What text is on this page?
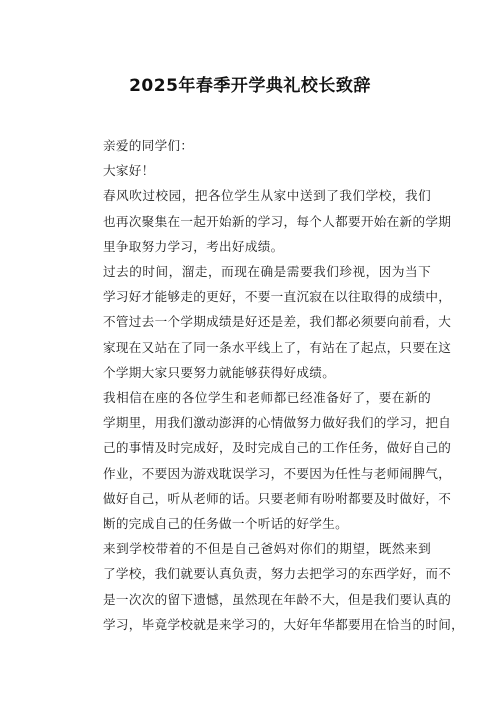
2025年春季开学典礼校长致辞

亲爱的同学们：

大家好！

春风吹过校园，把各位学生从家中送到了我们学校，我们
也再次聚集在一起开始新的学习，每个人都要开始在新的学期
里争取努力学习，考出好成绩。
过去的时间，溜走，而现在确是需要我们珍视，因为当下
学习好才能够走的更好，不要一直沉寂在以往取得的成绩中，
不管过去一个学期成绩是好还是差，我们都必须要向前看，大
家现在又站在了同一条水平线上了，有站在了起点，只要在这
个学期大家只要努力就能够获得好成绩。
我相信在座的各位学生和老师都已经准备好了，要在新的
学期里，用我们激动澎湃的心情做努力做好我们的学习，把自
己的事情及时完成好，及时完成自己的工作任务，做好自己的
作业，不要因为游戏耽误学习，不要因为任性与老师闹脾气，
做好自己，听从老师的话。只要老师有吩咐都要及时做好，不
断的完成自己的任务做一个听话的好学生。
来到学校带着的不但是自己爸妈对你们的期望，既然来到
了学校，我们就要认真负责，努力去把学习的东西学好，而不
是一次次的留下遗憾，虽然现在年龄不大，但是我们要认真的
学习，毕竟学校就是来学习的，大好年华都要用在恰当的时间，
